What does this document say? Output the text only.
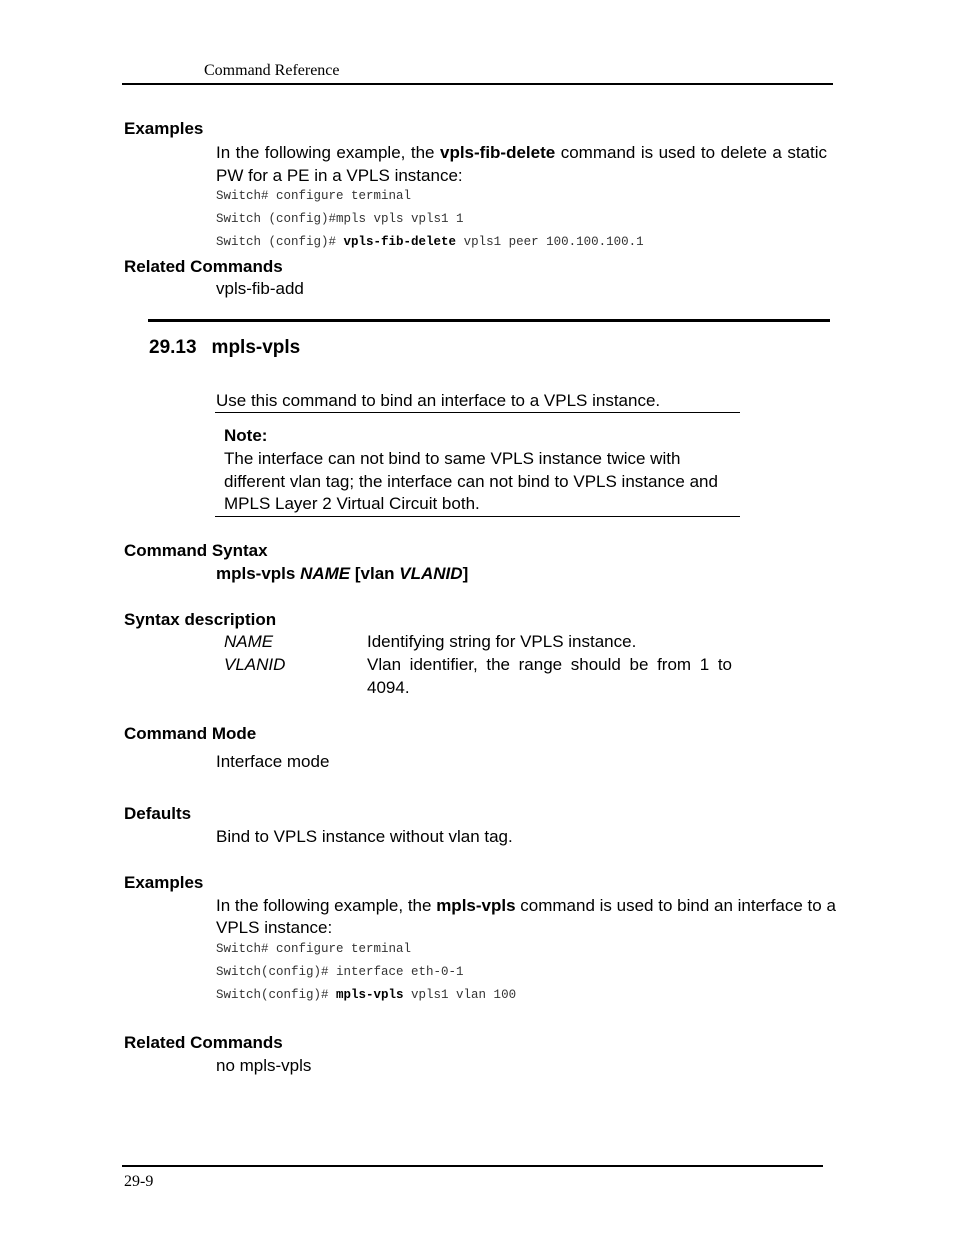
Command Reference
Examples
In the following example, the vpls-fib-delete command is used to delete a static PW for a PE in a VPLS instance:
Switch# configure terminal
Switch (config)#mpls vpls vpls1 1
Switch (config)# vpls-fib-delete vpls1 peer 100.100.100.1
Related Commands
vpls-fib-add
29.13 mpls-vpls
Use this command to bind an interface to a VPLS instance.
Note:
The interface can not bind to same VPLS instance twice with
different vlan tag; the interface can not bind to VPLS instance and
MPLS Layer 2 Virtual Circuit both.
Command Syntax
mpls-vpls NAME [vlan VLANID]
Syntax description
NAME	Identifying string for VPLS instance.
VLANID	Vlan identifier, the range should be from 1 to
4094.
Command Mode
Interface mode
Defaults
Bind to VPLS instance without vlan tag.
Examples
In the following example, the mpls-vpls command is used to bind an interface to a VPLS instance:
Switch# configure terminal
Switch(config)# interface eth-0-1
Switch(config)# mpls-vpls vpls1 vlan 100
Related Commands
no mpls-vpls
29-9
